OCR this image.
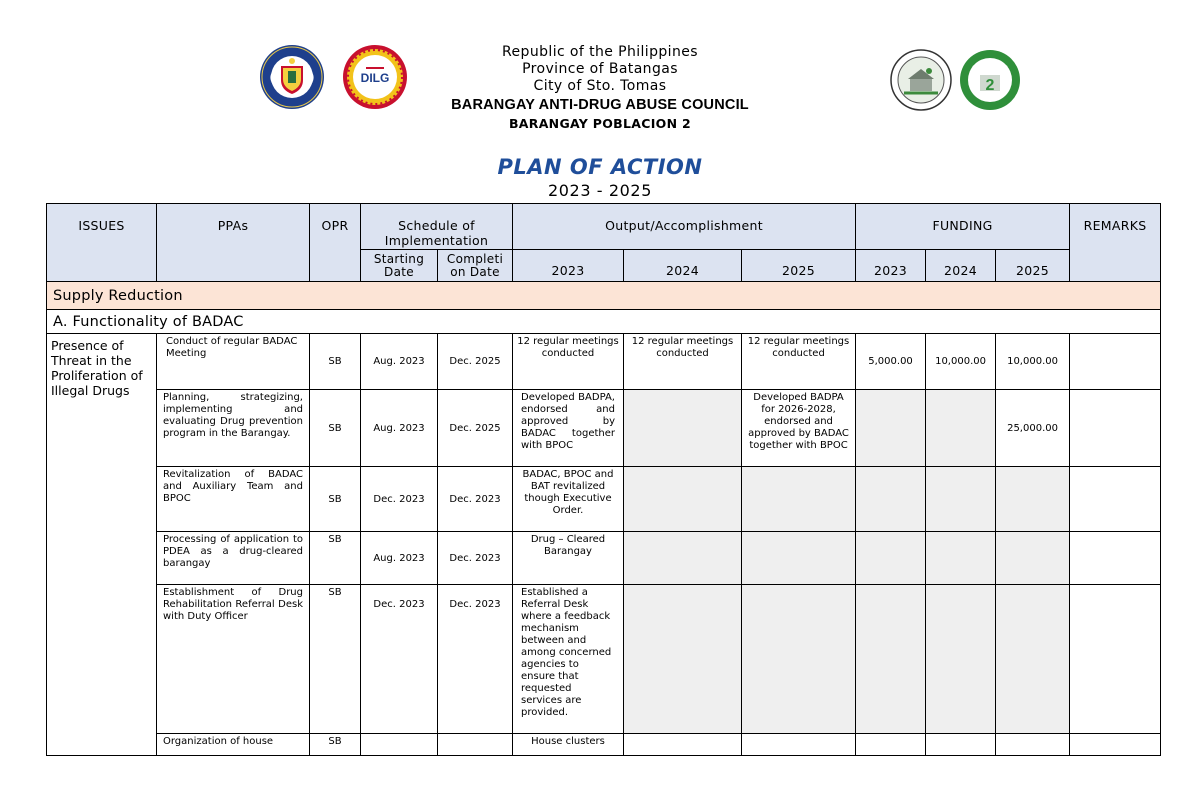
DILG	2
Republic of the Philippines
Province of Batangas
City of Sto. Tomas
BARANGAY ANTI-DRUG ABUSE COUNCIL
BARANGAY POBLACION 2
PLAN OF ACTION
2023 - 2025
ISSUES	PPAs	OPR	Schedule of Implementation		Output/Accomplishment			FUNDING			REMARKS
			Starting Date	Completi on Date	2023	2024	2025	2023	2024	2025	
Supply Reduction											
A. Functionality of BADAC											
Presence of Threat in the Proliferation of Illegal Drugs	Conduct of regular BADAC Meeting	SB	Aug. 2023	Dec. 2025	12 regular meetings conducted	12 regular meetings conducted	12 regular meetings conducted	5,000.00	10,000.00	10,000.00	
	Planning, strategizing, implementing and evaluating Drug prevention program in the Barangay.	SB	Aug. 2023	Dec. 2025	Developed BADPA, endorsed and approved by BADAC together with BPOC		Developed BADPA for 2026-2028, endorsed and approved by BADAC together with BPOC			25,000.00	
	Revitalization of BADAC and Auxiliary Team and BPOC	SB	Dec. 2023	Dec. 2023	BADAC, BPOC and BAT revitalized though Executive Order.						
	Processing of application to PDEA as a drug-cleared barangay	SB	Aug. 2023	Dec. 2023	Drug – Cleared Barangay						
	Establishment of Drug Rehabilitation Referral Desk with Duty Officer	SB	Dec. 2023	Dec. 2023	Established a Referral Desk where a feedback mechanism between and among concerned agencies to ensure that requested services are provided.						
	Organization of house	SB			House clusters						
